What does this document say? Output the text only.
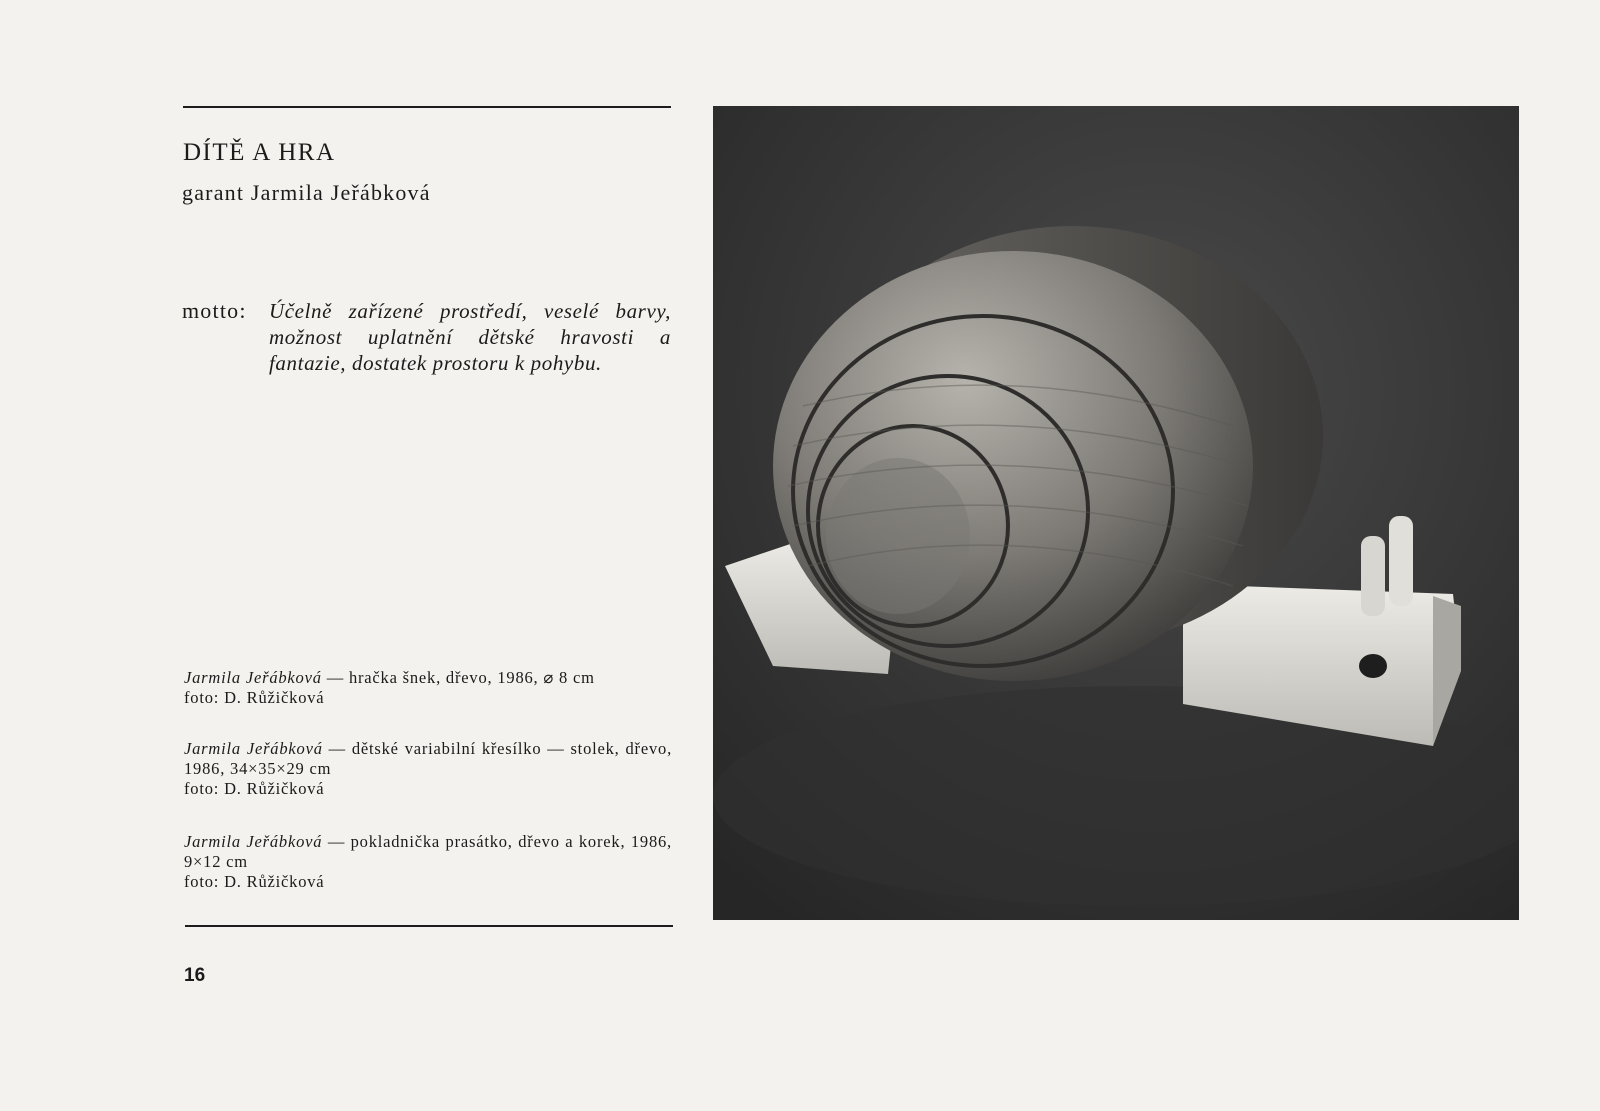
DÍTĚ A HRA
garant Jarmila Jeřábková
motto: Účelně zařízené prostředí, veselé barvy, možnost uplatnění dětské hravosti a fantazie, dostatek prostoru k pohybu.
Jarmila Jeřábková — hračka šnek, dřevo, 1986, ⌀ 8 cm
foto: D. Růžičková
Jarmila Jeřábková — dětské variabilní křesílko — stolek, dřevo, 1986, 34×35×29 cm
foto: D. Růžičková
Jarmila Jeřábková — pokladnička prasátko, dřevo a korek, 1986, 9×12 cm
foto: D. Růžičková
16
